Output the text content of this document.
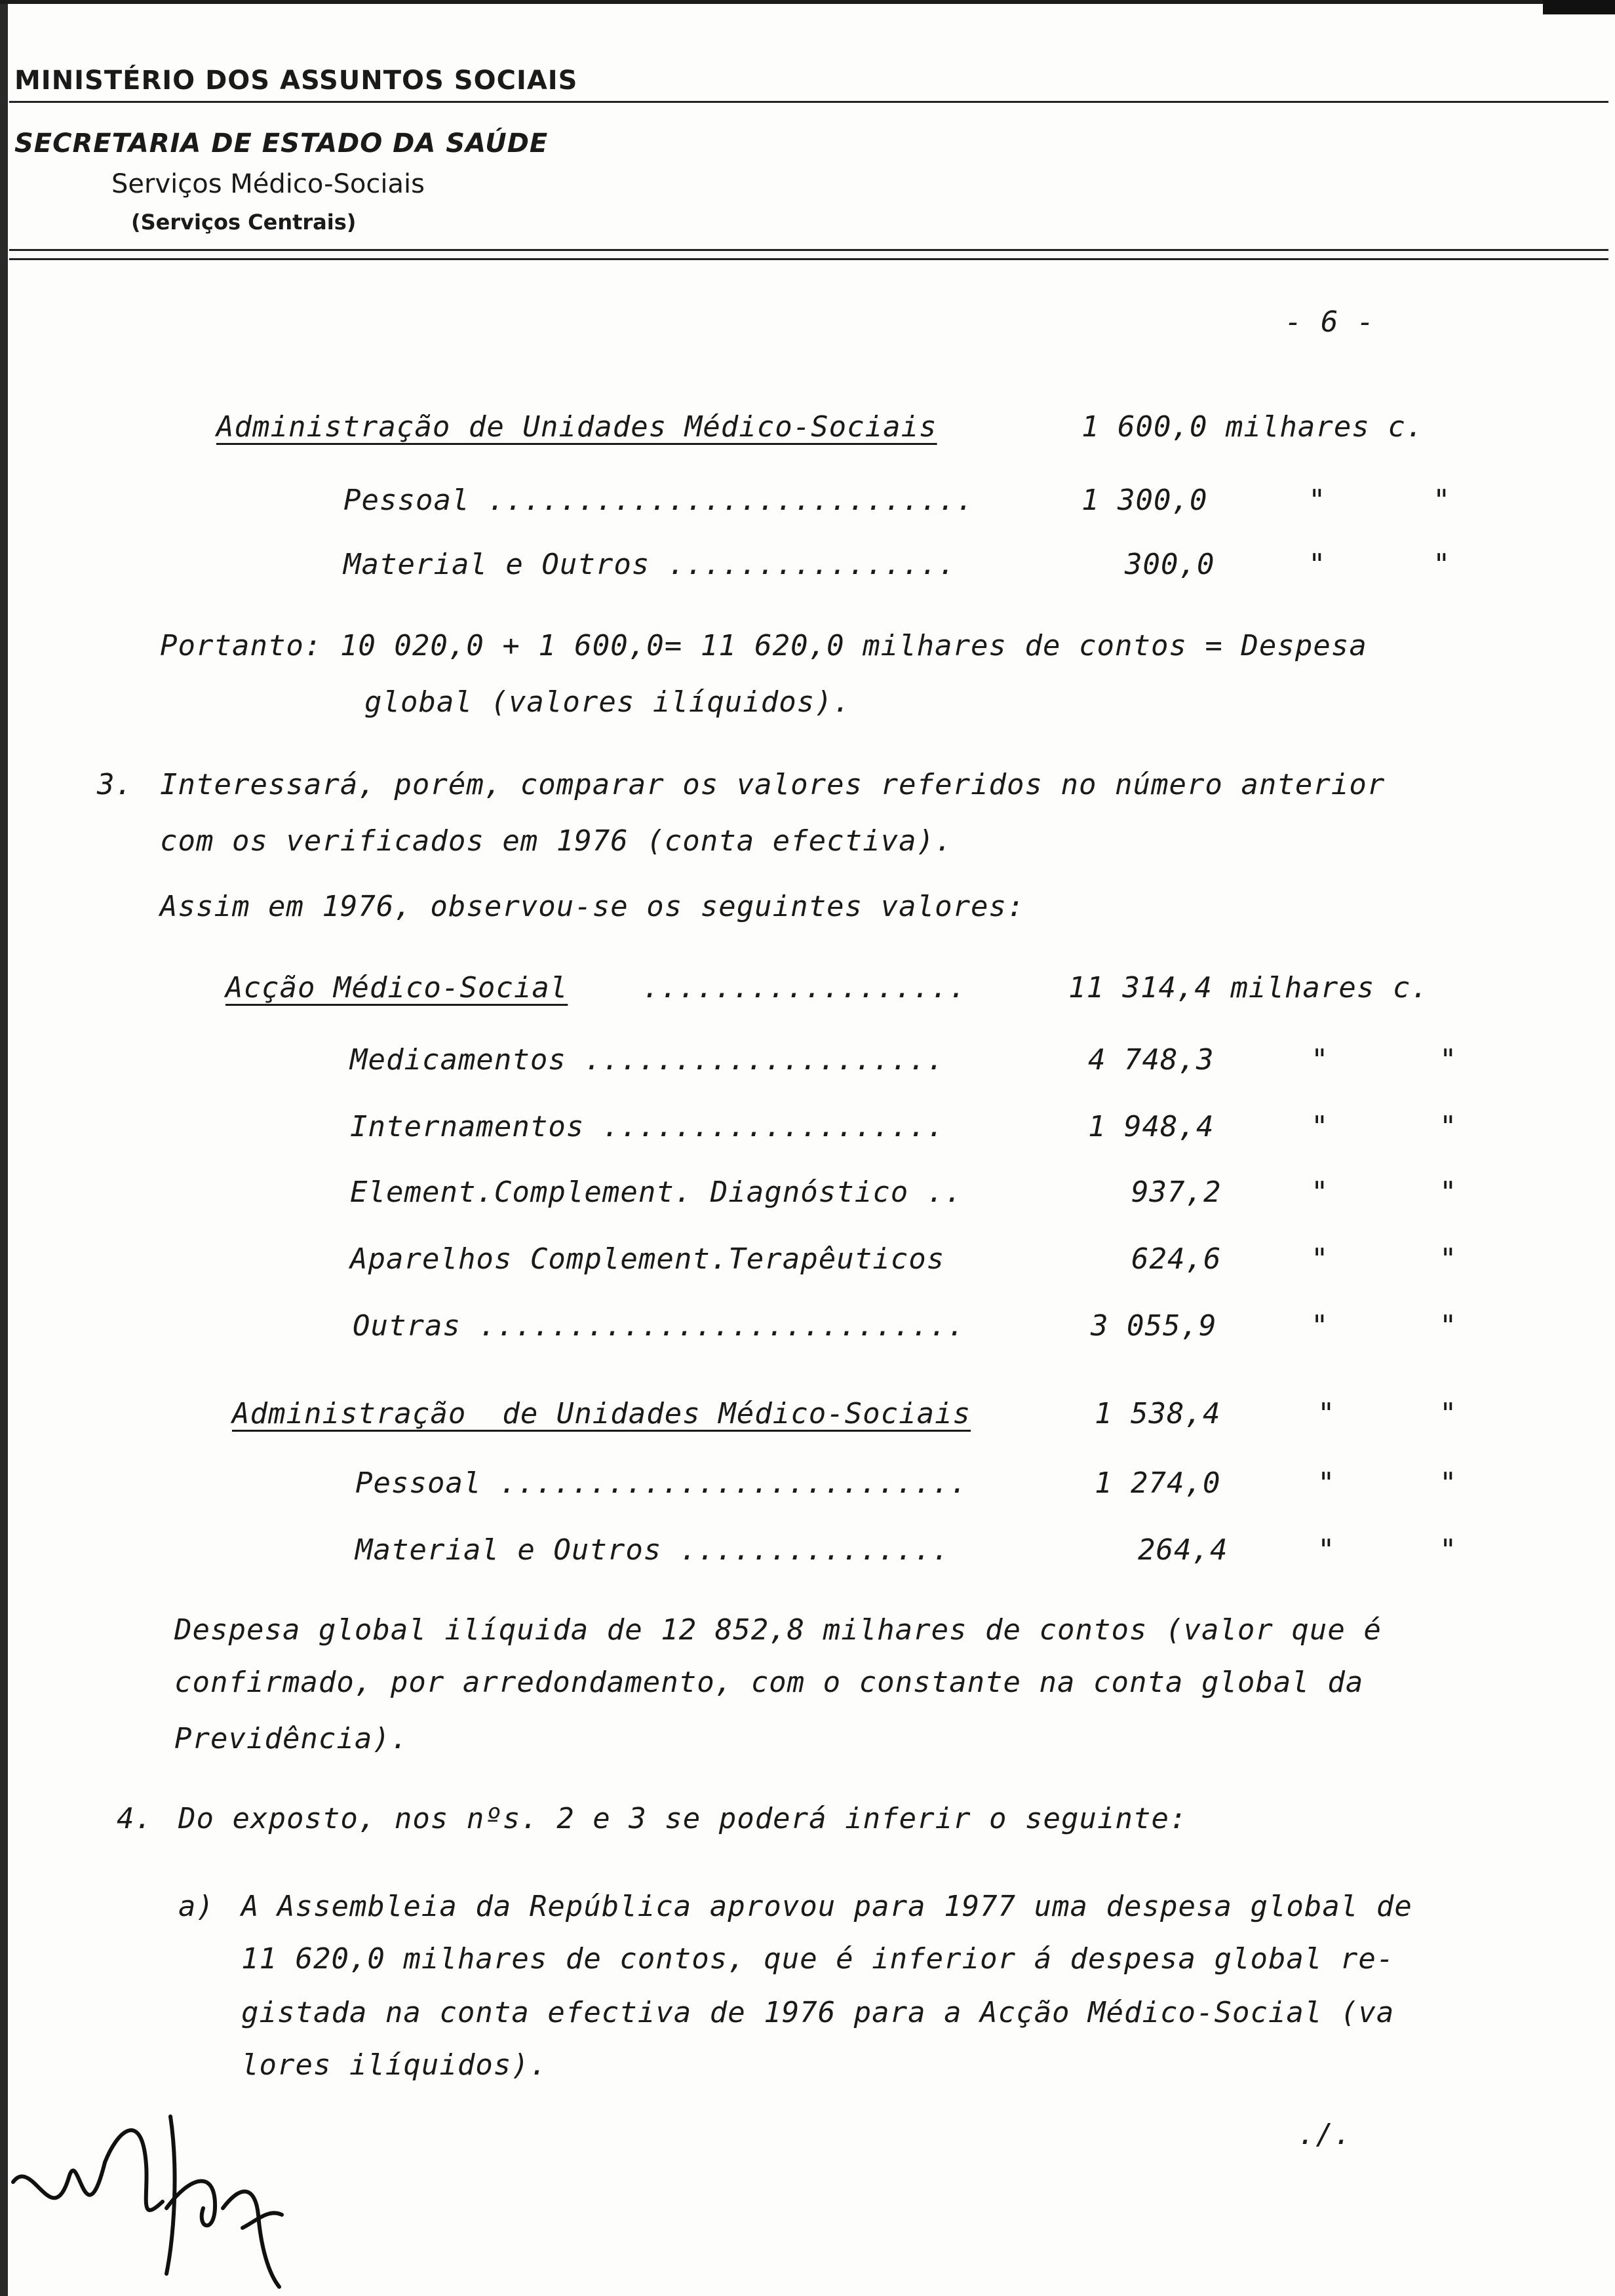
MINISTÉRIO DOS ASSUNTOS SOCIAIS
SECRETARIA DE ESTADO DA SAÚDE
Serviços Médico-Sociais
(Serviços Centrais)
- 6 -
Administração de Unidades Médico-Sociais	1 600,0 milhares c.
Pessoal ...........................	1 300,0	"	"
Material e Outros ................	300,0	"	"
Portanto: 10 020,0 + 1 600,0= 11 620,0 milhares de contos = Despesa
global (valores ilíquidos).
3. Interessará, porém, comparar os valores referidos no número anterior
com os verificados em 1976 (conta efectiva).
Assim em 1976, observou-se os seguintes valores:
Acção Médico-Social	..................	11 314,4 milhares c.
Medicamentos ....................	4 748,3	"	"
Internamentos ...................	1 948,4	"	"
Element.Complement. Diagnóstico ..	937,2	"	"
Aparelhos Complement.Terapêuticos	624,6	"	"
Outras ...........................	3 055,9	"	"
Administração  de Unidades Médico-Sociais	1 538,4	"	"
Pessoal ..........................	1 274,0	"	"
Material e Outros ...............	264,4	"	"
Despesa global ilíquida de 12 852,8 milhares de contos (valor que é
confirmado, por arredondamento, com o constante na conta global da
Previdência).
4. Do exposto, nos nºs. 2 e 3 se poderá inferir o seguinte:
a) A Assembleia da República aprovou para 1977 uma despesa global de
11 620,0 milhares de contos, que é inferior á despesa global re-
gistada na conta efectiva de 1976 para a Acção Médico-Social (va
lores ilíquidos).
./.
